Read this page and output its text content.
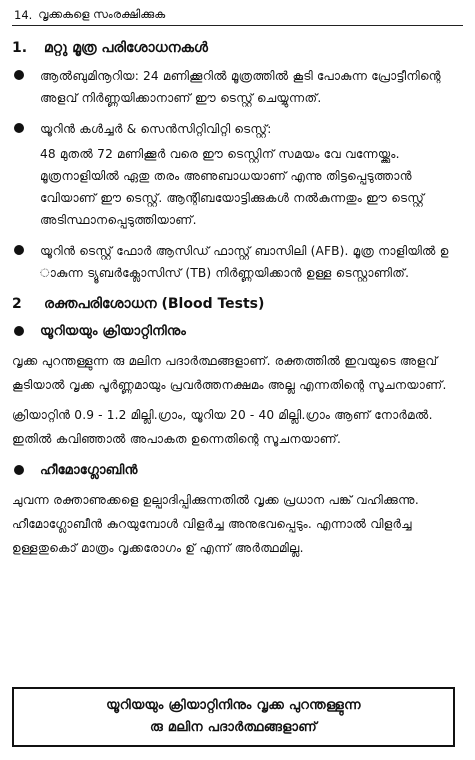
14. വൃക്കകളെ സംരക്ഷിക്കുക
1.	മറ്റു മൂത്ര പരിശോധനകൾ
ആൽബുമിനൂറിയ: 24 മണിക്കൂറിൽ മൂത്രത്തിൽ കൂടി പോകുന്ന പ്രോട്ടീനിന്റെ അളവ് നിർണ്ണയിക്കാനാണ് ഈ ടെസ്റ്റ് ചെയ്യുന്നത്.
യൂറിൻ കൾച്ചർ & സെൻസിറ്റിവിറ്റി ടെസ്റ്റ്:
48 മുതൽ 72 മണിക്കൂർ വരെ ഈ ടെസ്റ്റിന് സമയം വേ വന്നേയ്ക്കും. മൂത്രനാളിയിൽ ഏതു തരം അണുബാധയാണ് എന്നു തിട്ടപ്പെടുത്താൻ വേിയാണ് ഈ ടെസ്റ്റ്. ആന്റിബയോട്ടിക്കുകൾ നൽകുന്നതും ഈ ടെസ്റ്റ് അടിസ്ഥാനപ്പെടുത്തിയാണ്.
യൂറിൻ ടെസ്റ്റ് ഫോർ ആസിഡ് ഫാസ്റ്റ് ബാസിലി (AFB). മൂത്ര നാളിയിൽ ഉ ാകുന്ന ട്യൂബർക്ലോസിസ് (TB) നിർണ്ണയിക്കാൻ ഉള്ള ടെസ്റ്റാണിത്.
2	രക്തപരിശോധന (Blood Tests)
യൂറിയയും ക്രിയാറ്റിനിനും
വൃക്ക പുറന്തള്ളുന്ന രു മലിന പദാർത്ഥങ്ങളാണ്. രക്തത്തിൽ ഇവയുടെ അളവ് കൂടിയാൽ വൃക്ക പൂർണ്ണമായും പ്രവർത്തനക്ഷമം അല്ല എന്നതിന്റെ സൂചനയാണ്.
ക്രിയാറ്റിൻ 0.9 - 1.2 മില്ലി.ഗ്രാം, യൂറിയ 20 - 40 മില്ലി.ഗ്രാം ആണ് നോർമൽ. ഇതിൽ കവിഞ്ഞാൽ അപാകത ഉന്നെതിന്റെ സൂചനയാണ്.
ഹീമോഗ്ലോബിൻ
ചുവന്ന രക്താണുക്കളെ ഉല്പാദിപ്പിക്കുന്നതിൽ വൃക്ക പ്രധാന പങ്ക് വഹിക്കുന്നു. ഹീമോഗ്ലോബീൻ കുറയുമ്പോൾ വിളർച്ച അനുഭവപ്പെടും. എന്നാൽ വിളർച്ച ഉള്ളതുകൊ് മാത്രം വൃക്കരോഗം ഉ് എന്ന് അർത്ഥമില്ല.
യൂറിയയും ക്രിയാറ്റിനിനും വൃക്ക പുറന്തള്ളുന്ന
രു മലിന പദാർത്ഥങ്ങളാണ്
